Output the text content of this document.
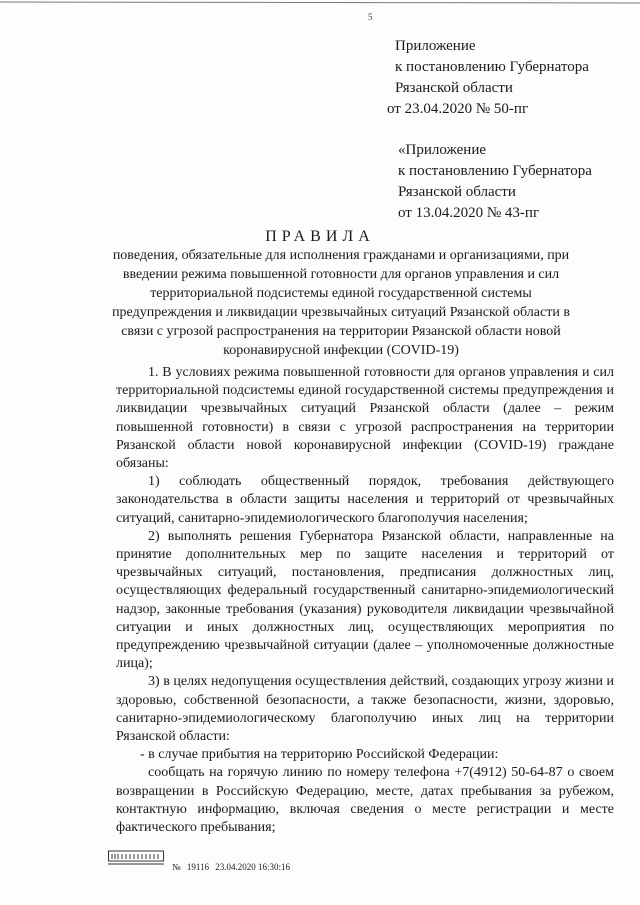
5
Приложение
к постановлению Губернатора
Рязанской области
от 23.04.2020 № 50-пг
«Приложение
к постановлению Губернатора
Рязанской области
от 13.04.2020 № 43-пг
ПРАВИЛА
поведения, обязательные для исполнения гражданами и организациями, при введении режима повышенной готовности для органов управления и сил территориальной подсистемы единой государственной системы предупреждения и ликвидации чрезвычайных ситуаций Рязанской области в связи с угрозой распространения на территории Рязанской области новой коронавирусной инфекции (COVID-19)

1. В условиях режима повышенной готовности для органов управления и сил территориальной подсистемы единой государственной системы предупреждения и ликвидации чрезвычайных ситуаций Рязанской области (далее – режим повышенной готовности) в связи с угрозой распространения на территории Рязанской области новой коронавирусной инфекции (COVID-19) граждане обязаны:

1) соблюдать общественный порядок, требования действующего законодательства в области защиты населения и территорий от чрезвычайных ситуаций, санитарно-эпидемиологического благополучия населения;

2) выполнять решения Губернатора Рязанской области, направленные на принятие дополнительных мер по защите населения и территорий от чрезвычайных ситуаций, постановления, предписания должностных лиц, осуществляющих федеральный государственный санитарно-эпидемиологический надзор, законные требования (указания) руководителя ликвидации чрезвычайной ситуации и иных должностных лиц, осуществляющих мероприятия по предупреждению чрезвычайной ситуации (далее – уполномоченные должностные лица);

3) в целях недопущения осуществления действий, создающих угрозу жизни и здоровью, собственной безопасности, а также безопасности, жизни, здоровью, санитарно-эпидемиологическому благополучию иных лиц на территории Рязанской области:

- в случае прибытия на территорию Российской Федерации:

сообщать на горячую линию по номеру телефона +7(4912) 50-64-87 о своем возвращении в Российскую Федерацию, месте, датах пребывания за рубежом, контактную информацию, включая сведения о месте регистрации и месте фактического пребывания;

№ 19116 23.04.2020 16:30:16
